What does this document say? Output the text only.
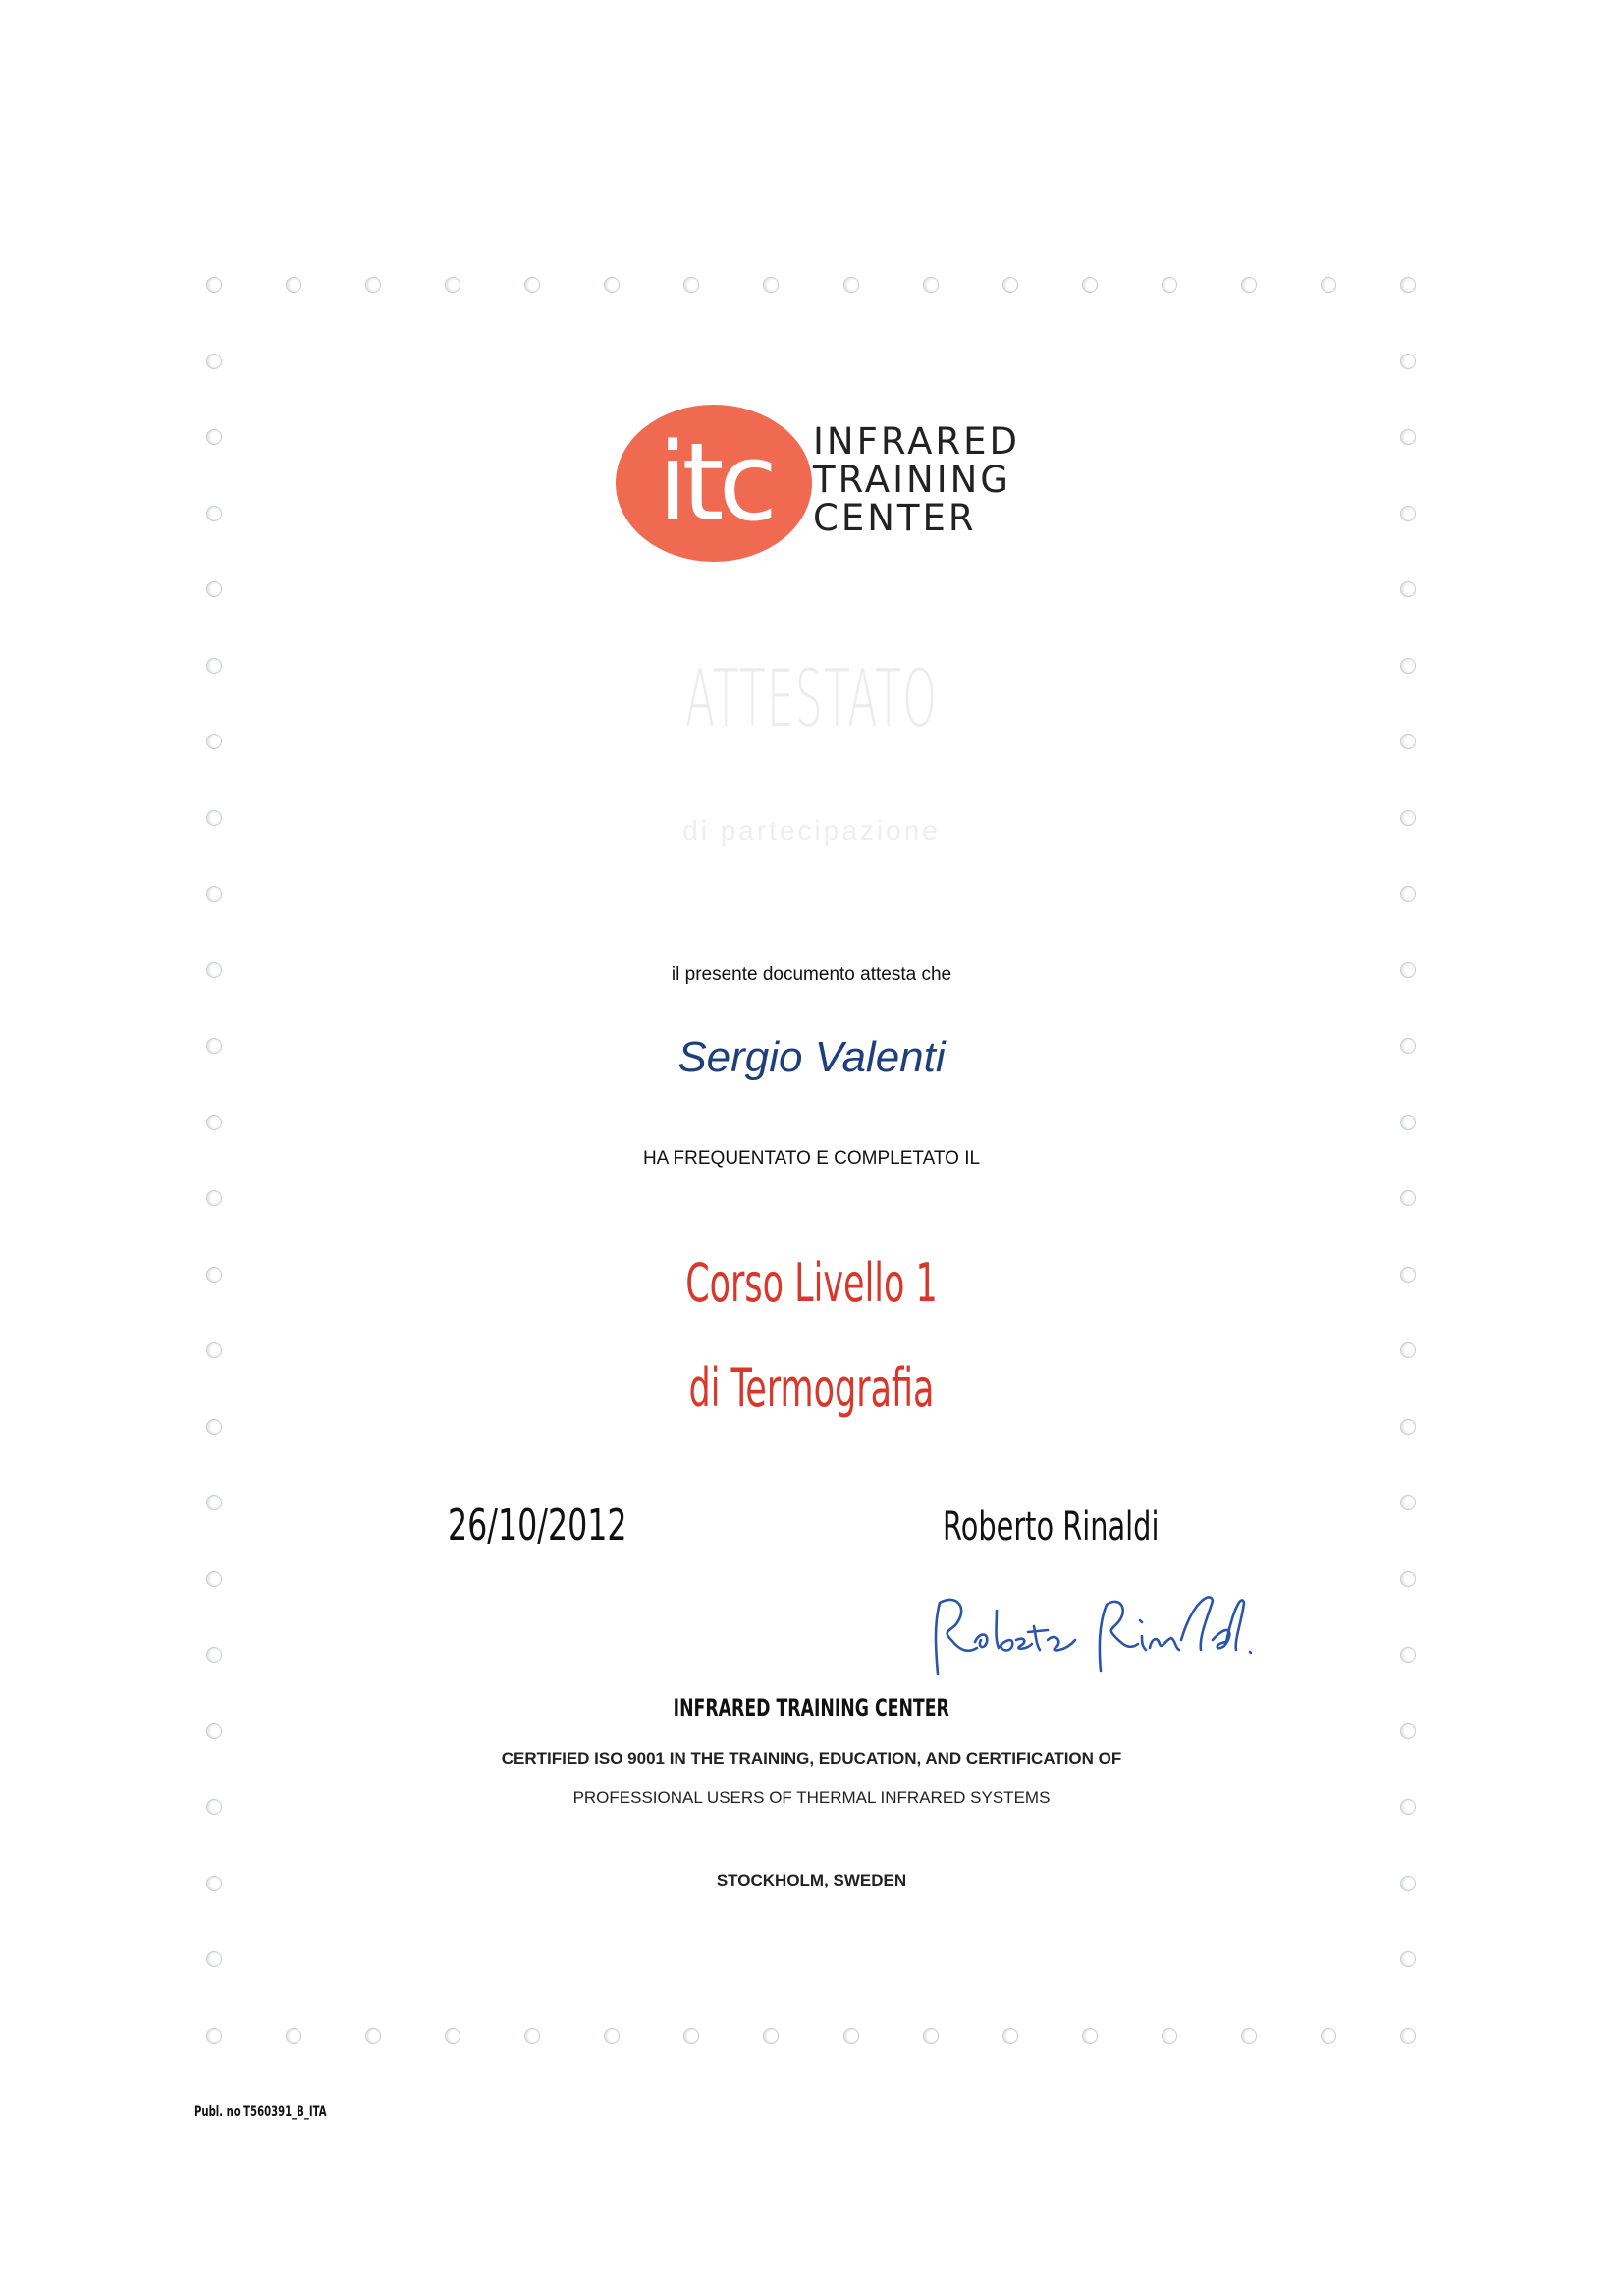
itc	INFRARED
TRAINING
CENTER
ATTESTATO
di partecipazione
il presente documento attesta che
Sergio Valenti
HA FREQUENTATO E COMPLETATO IL
Corso Livello 1
di Termografia
26/10/2012	Roberto Rinaldi
INFRARED TRAINING CENTER
CERTIFIED ISO 9001 IN THE TRAINING, EDUCATION, AND CERTIFICATION OF
PROFESSIONAL USERS OF THERMAL INFRARED SYSTEMS
STOCKHOLM, SWEDEN
Publ. no T560391_B_ITA
